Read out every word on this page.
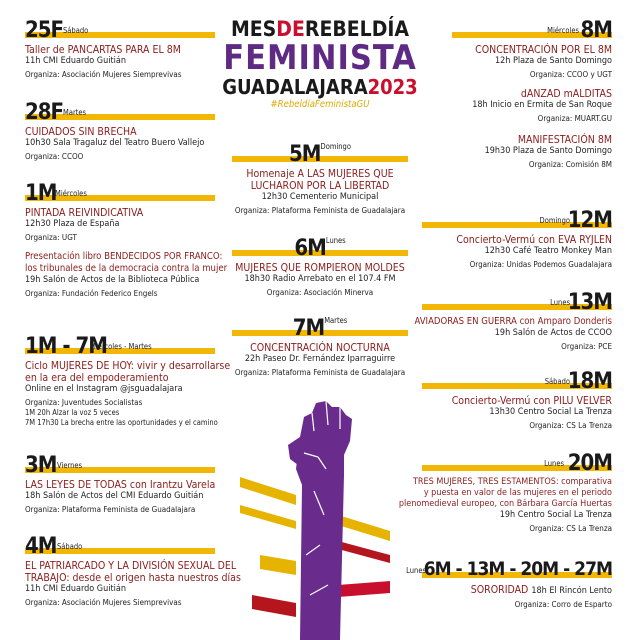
MESDEREBELDÍA
FEMINISTA
GUADALAJARA2023
#RebeldíaFeministaGU
25F Sábado
Taller de PANCARTAS PARA EL 8M
11h CMI Eduardo Guitián
Organiza: Asociación Mujeres Siemprevivas
28F Martes
CUIDADOS SIN BRECHA
10h30 Sala Tragaluz del Teatro Buero Vallejo
Organiza: CCOO
1M
Miércoles
PINTADA REIVINDICATIVA
12h30 Plaza de España
Organiza: UGT
Presentación libro BENDECIDOS POR FRANCO:
los tribunales de la democracia contra la mujer
19h Salón de Actos de la Biblioteca Pública
Organiza: Fundación Federico Engels
1M - 7M
Miércoles - Martes
Ciclo MUJERES DE HOY: vivir y desarrollarse
en la era del empoderamiento
Online en el Instagram @jsguadalajara
Organiza: Juventudes Socialistas
1M 20h Alzar la voz 5 veces
7M 17h30 La brecha entre las oportunidades y el camino
3M Viernes
LAS LEYES DE TODAS con Irantzu Varela
18h Salón de Actos del CMI Eduardo Guitián
Organiza: Plataforma Feminista de Guadalajara
4M Sábado
EL PATRIARCADO Y LA DIVISIÓN SEXUAL DEL
TRABAJO: desde el origen hasta nuestros días
11h CMI Eduardo Guitián
Organiza: Asociación Mujeres Siemprevivas
$5M^{Domingo}$
Homenaje A LAS MUJERES QUE
LUCHARON POR LA LIBERTAD
12h30 Cementerio Municipal
Organiza: Plataforma Feminista de Guadalajara
$6M^{Lunes}$
MUJERES QUE ROMPIERON MOLDES
18h30 Radio Arrebato en el 107.4 FM
Organiza: Asociación Minerva
$7M^{Martes}$
CONCENTRACIÓN NOCTURNA
22h Paseo Dr. Fernández Iparraguirre
Organiza: Plataforma Feminista de Guadalajara
8M
Miércoles
CONCENTRACIÓN POR EL 8M
12h Plaza de Santo Domingo
Organiza: CCOO y UGT
dANZAD mALDITAS
18h Inicio en Ermita de San Roque
Organiza: MUART.GU
MANIFESTACIÓN 8M
19h30 Plaza de Santo Domingo
Organiza: Comisión 8M
12M
Domingo
Concierto-Vermú con EVA RYJLEN
12h30 Café Teatro Monkey Man
Organiza: Unidas Podemos Guadalajara
13M
Lunes
AVIADORAS EN GUERRA con Amparo Donderis
19h Salón de Actos de CCOO
Organiza: PCE
18M
Sábado
Concierto-Vermú con PILU VELVER
13h30 Centro Social La Trenza
Organiza: CS La Trenza
20M
Lunes
TRES MUJERES, TRES ESTAMENTOS: comparativa
y puesta en valor de las mujeres en el periodo
plenomedieval europeo, con Bárbara García Huertas
19h Centro Social La Trenza
Organiza: CS La Trenza
6M - 13M - 20M - 27M
Lunes
SORORIDAD 18h El Rincón Lento
Organiza: Corro de Esparto
